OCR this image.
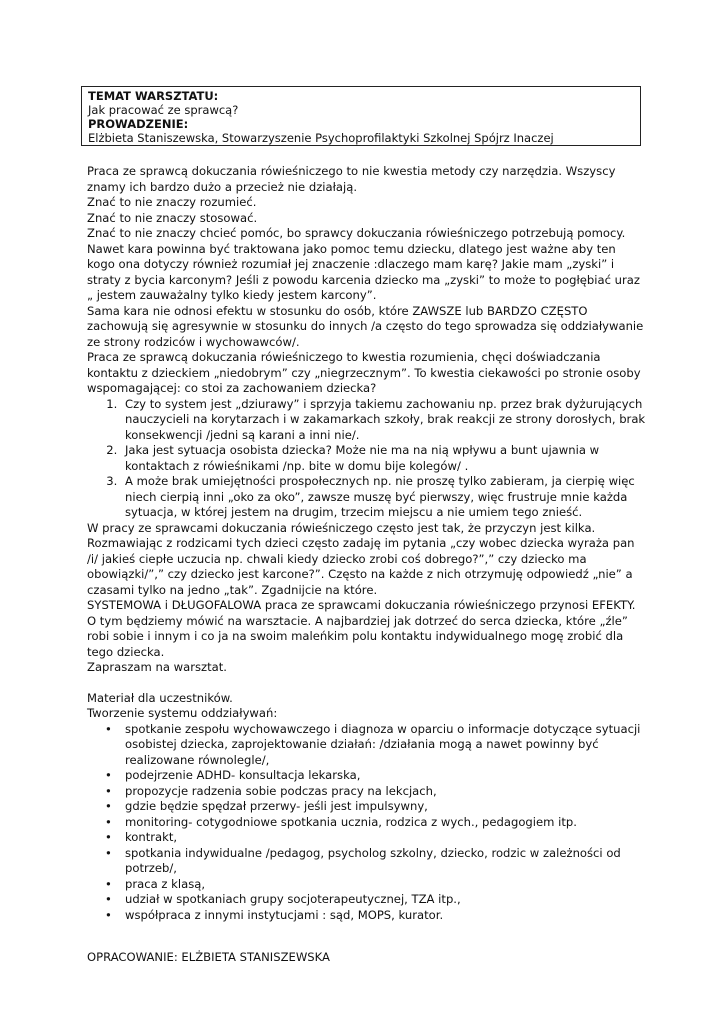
TEMAT WARSZTATU:
Jak pracować ze sprawcą?
PROWADZENIE:
Elżbieta Staniszewska, Stowarzyszenie Psychoprofilaktyki Szkolnej Spójrz Inaczej

Praca ze sprawcą dokuczania rówieśniczego to nie kwestia metody czy narzędzia. Wszyscy znamy ich bardzo dużo a przecież nie działają.

Znać to nie znaczy rozumieć.

Znać to nie znaczy stosować.

Znać to nie znaczy chcieć pomóc, bo sprawcy dokuczania rówieśniczego potrzebują pomocy. Nawet kara powinna być traktowana jako pomoc temu dziecku, dlatego jest ważne aby ten kogo ona dotyczy również rozumiał jej znaczenie :dlaczego mam karę? Jakie mam „zyski” i straty z bycia karconym? Jeśli z powodu karcenia dziecko ma „zyski” to może to pogłębiać uraz „ jestem zauważalny tylko kiedy jestem karcony”.

Sama kara nie odnosi efektu w stosunku do osób, które ZAWSZE lub BARDZO CZĘSTO zachowują się agresywnie w stosunku do innych /a często do tego sprowadza się oddziaływanie ze strony rodziców i wychowawców/.

Praca ze sprawcą dokuczania rówieśniczego to kwestia rozumienia, chęci doświadczania kontaktu z dzieckiem „niedobrym” czy „niegrzecznym”. To kwestia ciekawości po stronie osoby wspomagającej: co stoi za zachowaniem dziecka?

1. Czy to system jest „dziurawy” i sprzyja takiemu zachowaniu np. przez brak dyżurujących nauczycieli na korytarzach i w zakamarkach szkoły, brak reakcji ze strony dorosłych, brak konsekwencji /jedni są karani a inni nie/.
2. Jaka jest sytuacja osobista dziecka? Może nie ma na nią wpływu a bunt ujawnia w kontaktach z rówieśnikami /np. bite w domu bije kolegów/ .
3. A może brak umiejętności prospołecznych np. nie proszę tylko zabieram, ja cierpię więc niech cierpią inni „oko za oko”, zawsze muszę być pierwszy, więc frustruje mnie każda sytuacja, w której jestem na drugim, trzecim miejscu a nie umiem tego znieść.

W pracy ze sprawcami dokuczania rówieśniczego często jest tak, że przyczyn jest kilka. Rozmawiając z rodzicami tych dzieci często zadaję im pytania „czy wobec dziecka wyraża pan /i/ jakieś ciepłe uczucia np. chwali kiedy dziecko zrobi coś dobrego?”,” czy dziecko ma obowiązki/”,” czy dziecko jest karcone?”. Często na każde z nich otrzymuję odpowiedź „nie” a czasami tylko na jedno „tak”. Zgadnijcie na które.

SYSTEMOWA i DŁUGOFALOWA praca ze sprawcami dokuczania rówieśniczego przynosi EFEKTY. O tym będziemy mówić na warsztacie. A najbardziej jak dotrzeć do serca dziecka, które „źle” robi sobie i innym i co ja na swoim maleńkim polu kontaktu indywidualnego mogę zrobić dla tego dziecka.

Zapraszam na warsztat.

Materiał dla uczestników.

Tworzenie systemu oddziaływań:

• spotkanie zespołu wychowawczego i diagnoza w oparciu o informacje dotyczące sytuacji osobistej dziecka, zaprojektowanie działań: /działania mogą a nawet powinny być realizowane równolegle/,
• podejrzenie ADHD- konsultacja lekarska,
• propozycje radzenia sobie podczas pracy na lekcjach,
• gdzie będzie spędzał przerwy- jeśli jest impulsywny,
• monitoring- cotygodniowe spotkania ucznia, rodzica z wych., pedagogiem itp.
• kontrakt,
• spotkania indywidualne /pedagog, psycholog szkolny, dziecko, rodzic w zależności od potrzeb/,
• praca z klasą,
• udział w spotkaniach grupy socjoterapeutycznej, TZA itp.,
• współpraca z innymi instytucjami : sąd, MOPS, kurator.

OPRACOWANIE: ELŻBIETA STANISZEWSKA
